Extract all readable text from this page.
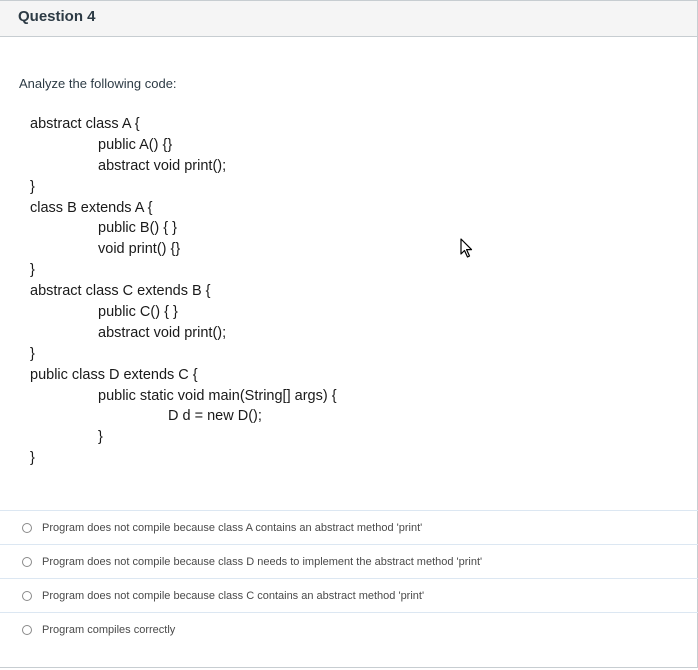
Question 4
Analyze the following code:
abstract class A {
public A() {}
abstract void print();
}
class B extends A {
public B() { }
void print() {}
}
abstract class C extends B {
public C() { }
abstract void print();
}
public class D extends C {
public static void main(String[] args) {
D d = new D();
}
}
Program does not compile because class A contains an abstract method 'print'
Program does not compile because class D needs to implement the abstract method 'print'
Program does not compile because class C contains an abstract method 'print'
Program compiles correctly
